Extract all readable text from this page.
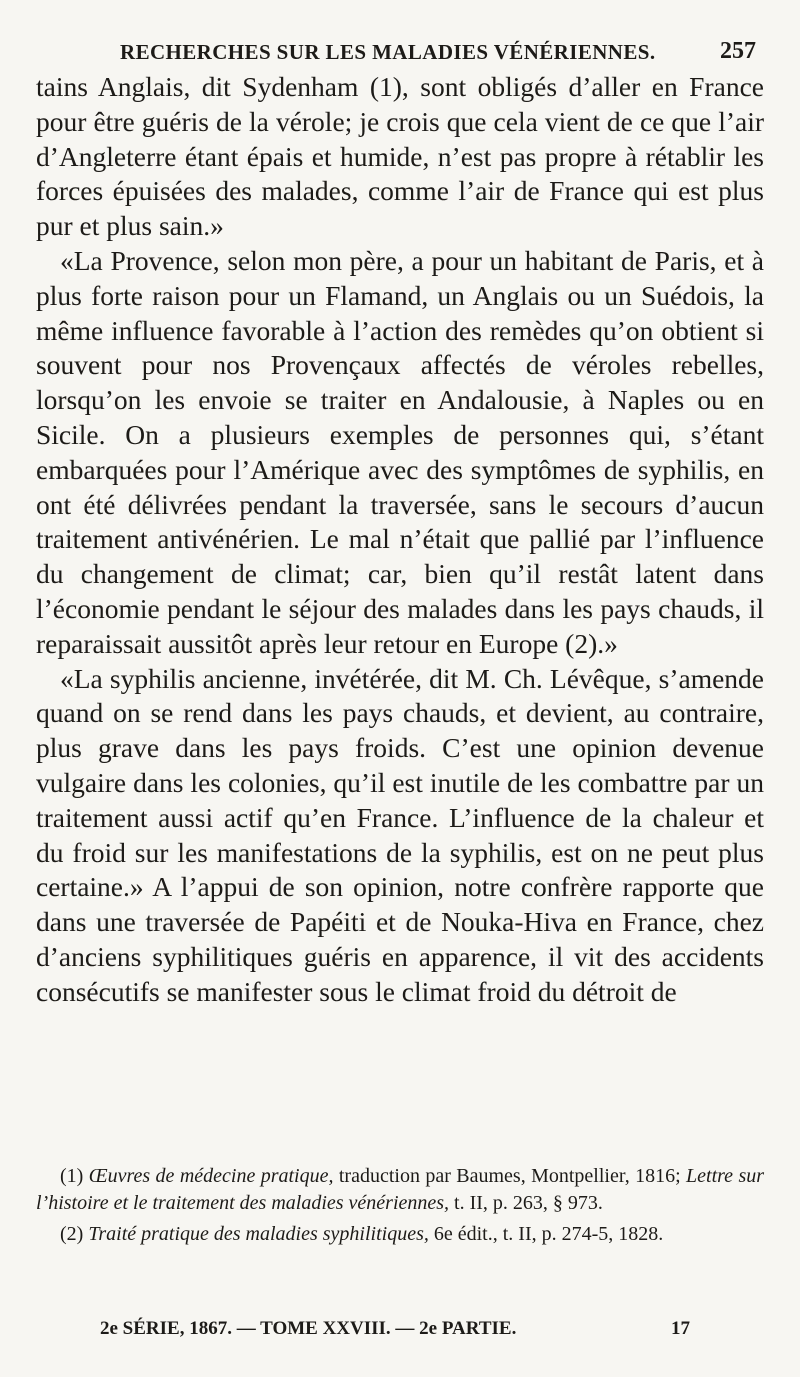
RECHERCHES SUR LES MALADIES VÉNÉRIENNES.	257

tains Anglais, dit Sydenham (1), sont obligés d’aller en France pour être guéris de la vérole; je crois que cela vient de ce que l’air d’Angleterre étant épais et humide, n’est pas propre à rétablir les forces épuisées des malades, comme l’air de France qui est plus pur et plus sain.»

«La Provence, selon mon père, a pour un habitant de Paris, et à plus forte raison pour un Flamand, un Anglais ou un Suédois, la même influence favorable à l’action des remèdes qu’on obtient si souvent pour nos Provençaux affectés de véroles rebelles, lorsqu’on les envoie se traiter en Andalousie, à Naples ou en Sicile. On a plusieurs exemples de personnes qui, s’étant embarquées pour l’Amérique avec des symptômes de syphilis, en ont été délivrées pendant la traversée, sans le secours d’aucun traitement antivénérien. Le mal n’était que pallié par l’influence du changement de climat; car, bien qu’il restât latent dans l’économie pendant le séjour des malades dans les pays chauds, il reparaissait aussitôt après leur retour en Europe (2).»

«La syphilis ancienne, invétérée, dit M. Ch. Lévêque, s’amende quand on se rend dans les pays chauds, et devient, au contraire, plus grave dans les pays froids. C’est une opinion devenue vulgaire dans les colonies, qu’il est inutile de les combattre par un traitement aussi actif qu’en France. L’influence de la chaleur et du froid sur les manifestations de la syphilis, est on ne peut plus certaine.» A l’appui de son opinion, notre confrère rapporte que dans une traversée de Papéiti et de Nouka-Hiva en France, chez d’anciens syphilitiques guéris en apparence, il vit des accidents consécutifs se manifester sous le climat froid du détroit de

(1) Œuvres de médecine pratique, traduction par Baumes, Montpellier, 1816; Lettre sur l’histoire et le traitement des maladies vénériennes, t. II, p. 263, § 973.

(2) Traité pratique des maladies syphilitiques, 6e édit., t. II, p. 274-5, 1828.

2e SÉRIE, 1867. — TOME XXVIII. — 2e PARTIE.	17
